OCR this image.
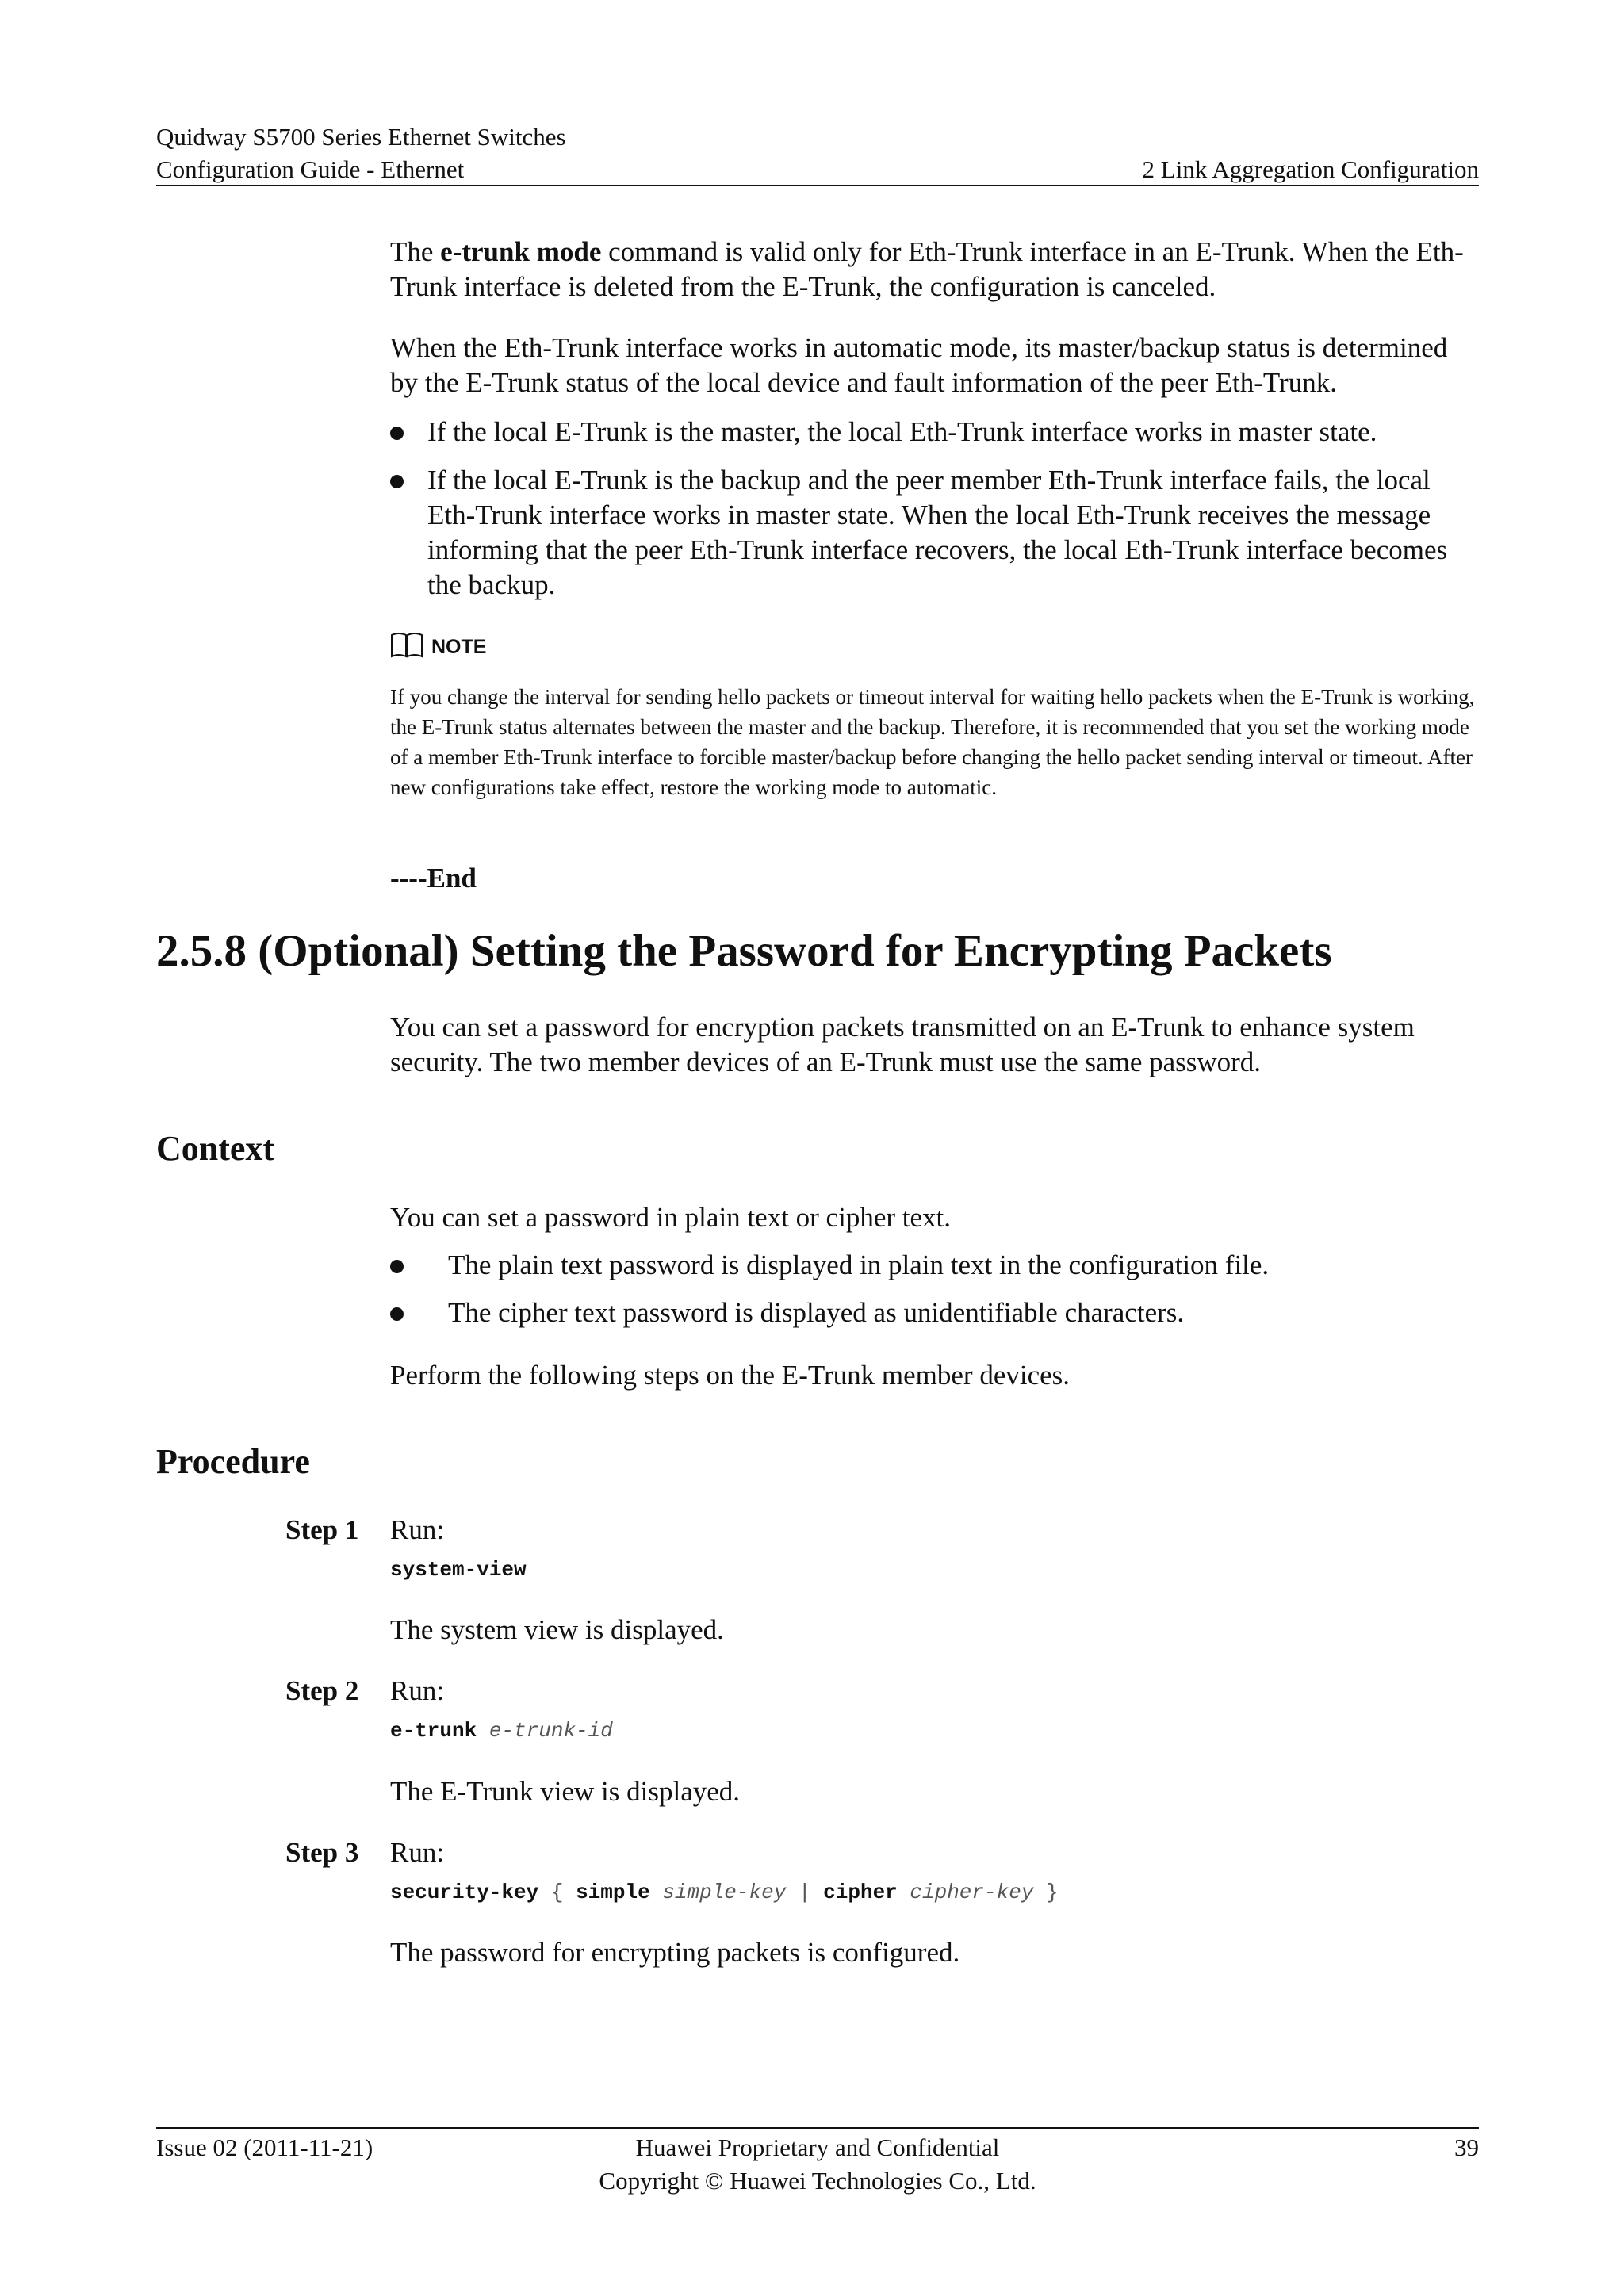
Quidway S5700 Series Ethernet Switches
Configuration Guide - Ethernet	2 Link Aggregation Configuration

The e-trunk mode command is valid only for Eth-Trunk interface in an E-Trunk. When the Eth-Trunk interface is deleted from the E-Trunk, the configuration is canceled.

When the Eth-Trunk interface works in automatic mode, its master/backup status is determined by the E-Trunk status of the local device and fault information of the peer Eth-Trunk.

If the local E-Trunk is the master, the local Eth-Trunk interface works in master state.
If the local E-Trunk is the backup and the peer member Eth-Trunk interface fails, the local Eth-Trunk interface works in master state. When the local Eth-Trunk receives the message informing that the peer Eth-Trunk interface recovers, the local Eth-Trunk interface becomes the backup.
NOTE
If you change the interval for sending hello packets or timeout interval for waiting hello packets when the E-Trunk is working, the E-Trunk status alternates between the master and the backup. Therefore, it is recommended that you set the working mode of a member Eth-Trunk interface to forcible master/backup before changing the hello packet sending interval or timeout. After new configurations take effect, restore the working mode to automatic.
----End
2.5.8 (Optional) Setting the Password for Encrypting Packets

You can set a password for encryption packets transmitted on an E-Trunk to enhance system security. The two member devices of an E-Trunk must use the same password.

Context

You can set a password in plain text or cipher text.

The plain text password is displayed in plain text in the configuration file.
The cipher text password is displayed as unidentifiable characters.

Perform the following steps on the E-Trunk member devices.

Procedure
Step 1 Run:
system-view
The system view is displayed.
Step 2 Run:
e-trunk e-trunk-id
The E-Trunk view is displayed.
Step 3 Run:
security-key { simple simple-key | cipher cipher-key }
The password for encrypting packets is configured.
Issue 02 (2011-11-21)	Huawei Proprietary and Confidential
Copyright © Huawei Technologies Co., Ltd.
39
